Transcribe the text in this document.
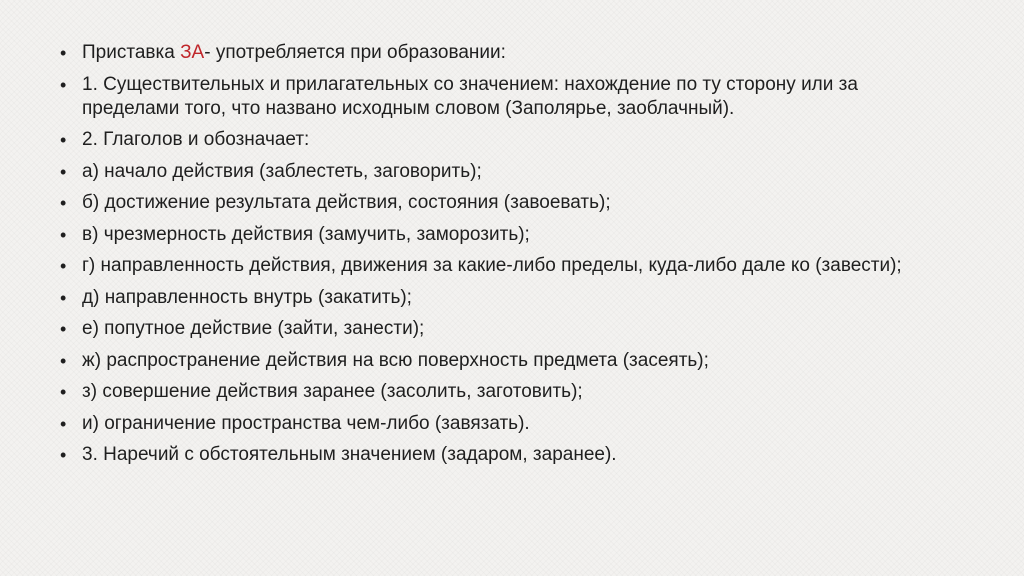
• Приставка ЗА- употребляется при образовании:
• 1. Существительных и прилагательных со значением: нахождение по ту сторону или за пределами того, что названо исходным словом (Заполярье, заоблачный).
• 2. Глаголов и обозначает:
• а) начало действия (заблестеть, заговорить);
• б) достижение результата действия, состояния (завоевать);
• в) чрезмерность действия (замучить, заморозить);
• г) направленность действия, движения за какие-либо пределы, куда-либо дале ко (завести);
• д) направленность внутрь (закатить);
• е) попутное действие (зайти, занести);
• ж) распространение действия на всю поверхность предмета (засеять);
• з) совершение действия заранее (засолить, заготовить);
• и) ограничение пространства чем-либо (завязать).
• 3. Наречий с обстоятельным значением (задаром, заранее).
